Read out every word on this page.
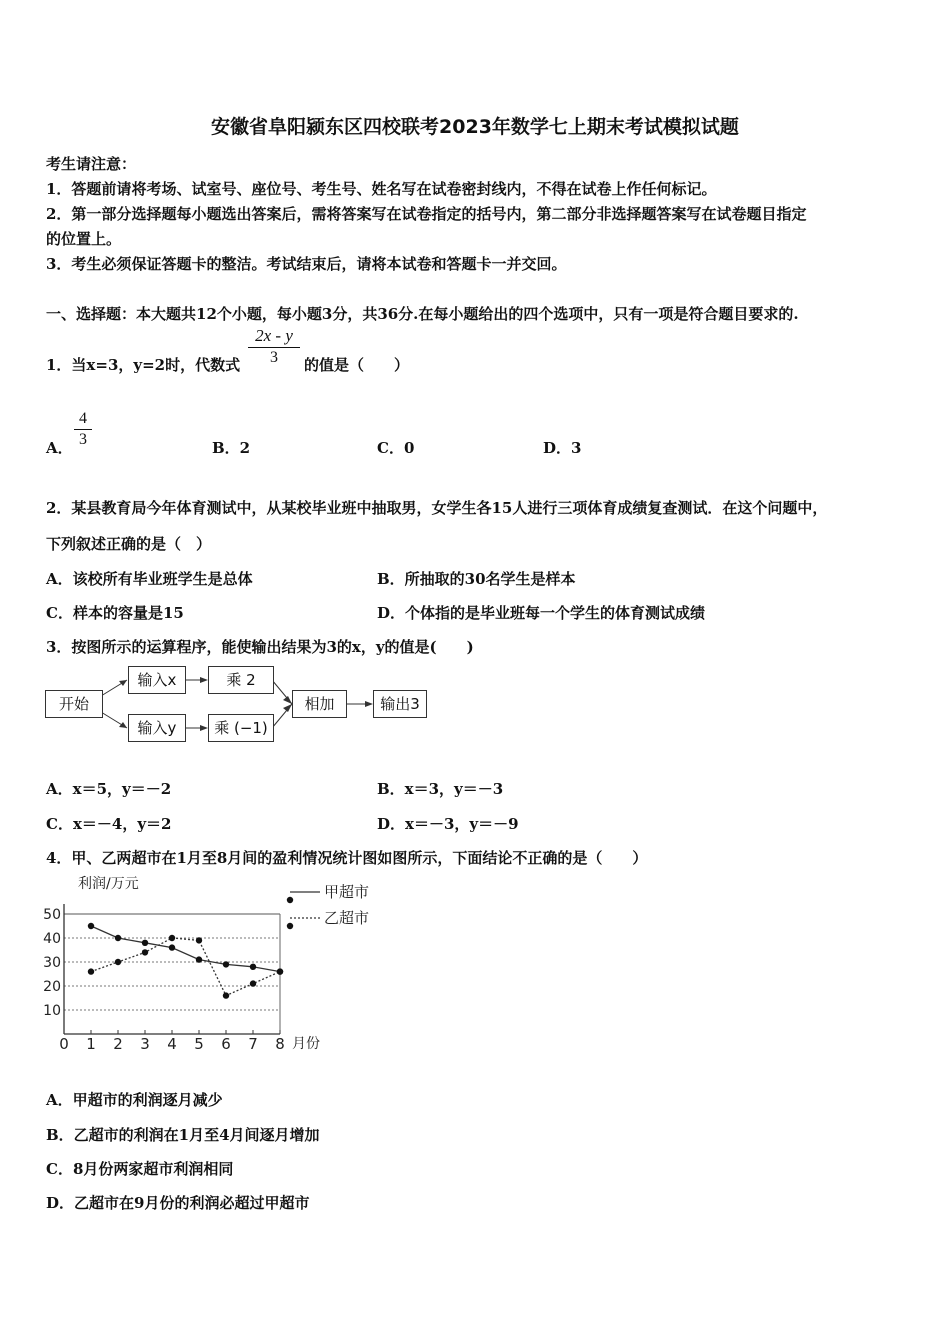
安徽省阜阳颍东区四校联考2023年数学七上期末考试模拟试题
考生请注意：
1．答题前请将考场、试室号、座位号、考生号、姓名写在试卷密封线内，不得在试卷上作任何标记。
2．第一部分选择题每小题选出答案后，需将答案写在试卷指定的括号内，第二部分非选择题答案写在试卷题目指定
的位置上。
3．考生必须保证答题卡的整洁。考试结束后，请将本试卷和答题卡一并交回。
一、选择题：本大题共12个小题，每小题3分，共36分.在每小题给出的四个选项中，只有一项是符合题目要求的.
1．当x=3，y=2时，代数式
2x - y
3	的值是（　　）
A．
4
3	B．2	C．0	D．3
2．某县教育局今年体育测试中，从某校毕业班中抽取男，女学生各15人进行三项体育成绩复查测试．在这个问题中，
下列叙述正确的是（　）
A．该校所有毕业班学生是总体	B．所抽取的30名学生是样本
C．样本的容量是15	D．个体指的是毕业班每一个学生的体育测试成绩
3．按图所示的运算程序，能使输出结果为3的x，y的值是(　　)
开始
输入x	乘 2
输入y	乘 (−1)
相加	输出3
A．x＝5，y＝－2	B．x＝3，y＝－3
C．x＝－4，y＝2	D．x＝－3，y＝－9
4．甲、乙两超市在1月至8月间的盈利情况统计图如图所示，下面结论不正确的是（　　）
利润/万元
月份
10
20
30
40
50
0 1 2 3 4 5 6 7 8
甲超市
乙超市
A．甲超市的利润逐月减少
B．乙超市的利润在1月至4月间逐月增加
C．8月份两家超市利润相同
D．乙超市在9月份的利润必超过甲超市
